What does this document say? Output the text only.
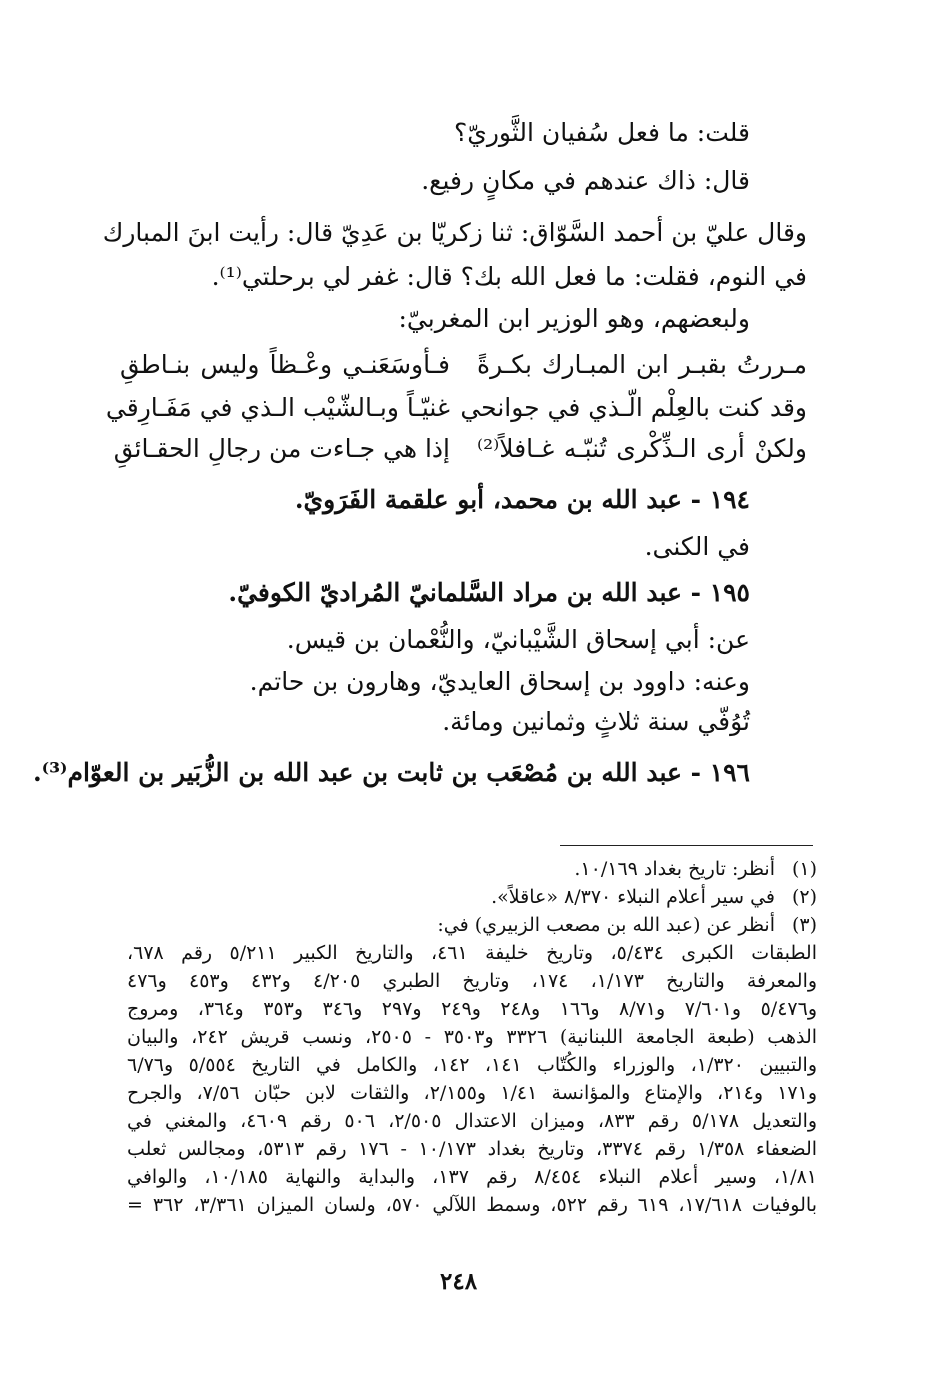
قلت: ما فعل سُفيان الثَّوريّ؟

قال: ذاك عندهم في مكانٍ رفيع.

وقال عليّ بن أحمد السَّوّاق: ثنا زكريّا بن عَدِيّ قال: رأيت ابنَ المبارك

في النوم، فقلت: ما فعل الله بك؟ قال: غفر لي برحلتي⁽¹⁾.

ولبعضهم، وهو الوزير ابن المغربيّ:

مـررتُ بقبـر ابن المبـارك بكـرةً

فـأوسَعَنـي وعْـظاً وليس بنـاطقِ

وقد كنت بالعِلْم الّـذي في جوانحي

غنيّـاً وبـالشّيْب الـذي في مَفَـارِقي

ولكنْ أرى الـذِّكْرى تُنبّـه غـافلاً⁽²⁾

إذا هي جـاءت من رجالِ الحقـائقِ

١٩٤ - عبد الله بن محمد، أبو علقمة الفَرَويّ.

في الكنى.

١٩٥ - عبد الله بن مراد السَّلمانيّ المُراديّ الكوفيّ.

عن: أبي إسحاق الشَّيْبانيّ، والنُّعْمان بن قيس.

وعنه: داوود بن إسحاق العايديّ، وهارون بن حاتم.

تُوُفّي سنة ثلاثٍ وثمانين ومائة.

١٩٦ - عبد الله بن مُصْعَب بن ثابت بن عبد الله بن الزُّبَير بن العوّام⁽³⁾.

(١)

أنظر: تاريخ بغداد ١٠/١٦٩.

(٢)

في سير أعلام النبلاء ٨/٣٧٠ «عاقلاً».

(٣)

أنظر عن (عبد الله بن مصعب الزبيري) في:

الطبقات الكبرى ٥/٤٣٤، وتاريخ خليفة ٤٦١، والتاريخ الكبير ٥/٢١١ رقم ٦٧٨،

والمعرفة والتاريخ ١/١٧٣، ١٧٤، وتاريخ الطبري ٤/٢٠٥ و٤٣٢ و٤٥٣ و٤٧٦

و٥/٤٧٦ و٧/٦٠١ و٨/٧١ و١٦٦ و٢٤٨ و٢٤٩ و٢٩٧ و٣٤٦ و٣٥٣ و٣٦٤، ومروج

الذهب (طبعة الجامعة اللبنانية) ٣٣٢٦ و٣٥٠٣ - ٢٥٠٥، ونسب قريش ٢٤٢، والبيان

والتبيين ١/٣٢٠، والوزراء والكُتّاب ١٤١، ١٤٢، والكامل في التاريخ ٥/٥٥٤ و٦/٧٦

و١٧١ و٢١٤، والإمتاع والمؤانسة ١/٤١ و٢/١٥٥، والثقات لابن حبّان ٧/٥٦، والجرح

والتعديل ٥/١٧٨ رقم ٨٣٣، وميزان الاعتدال ٢/٥٠٥، ٥٠٦ رقم ٤٦٠٩، والمغني في

الضعفاء ١/٣٥٨ رقم ٣٣٧٤، وتاريخ بغداد ١٠/١٧٣ - ١٧٦ رقم ٥٣١٣، ومجالس ثعلب

١/٨١، وسير أعلام النبلاء ٨/٤٥٤ رقم ١٣٧، والبداية والنهاية ١٠/١٨٥، والوافي

بالوفيات ١٧/٦١٨، ٦١٩ رقم ٥٢٢، وسمط اللآلي ٥٧٠، ولسان الميزان ٣/٣٦١، ٣٦٢ =

٢٤٨
